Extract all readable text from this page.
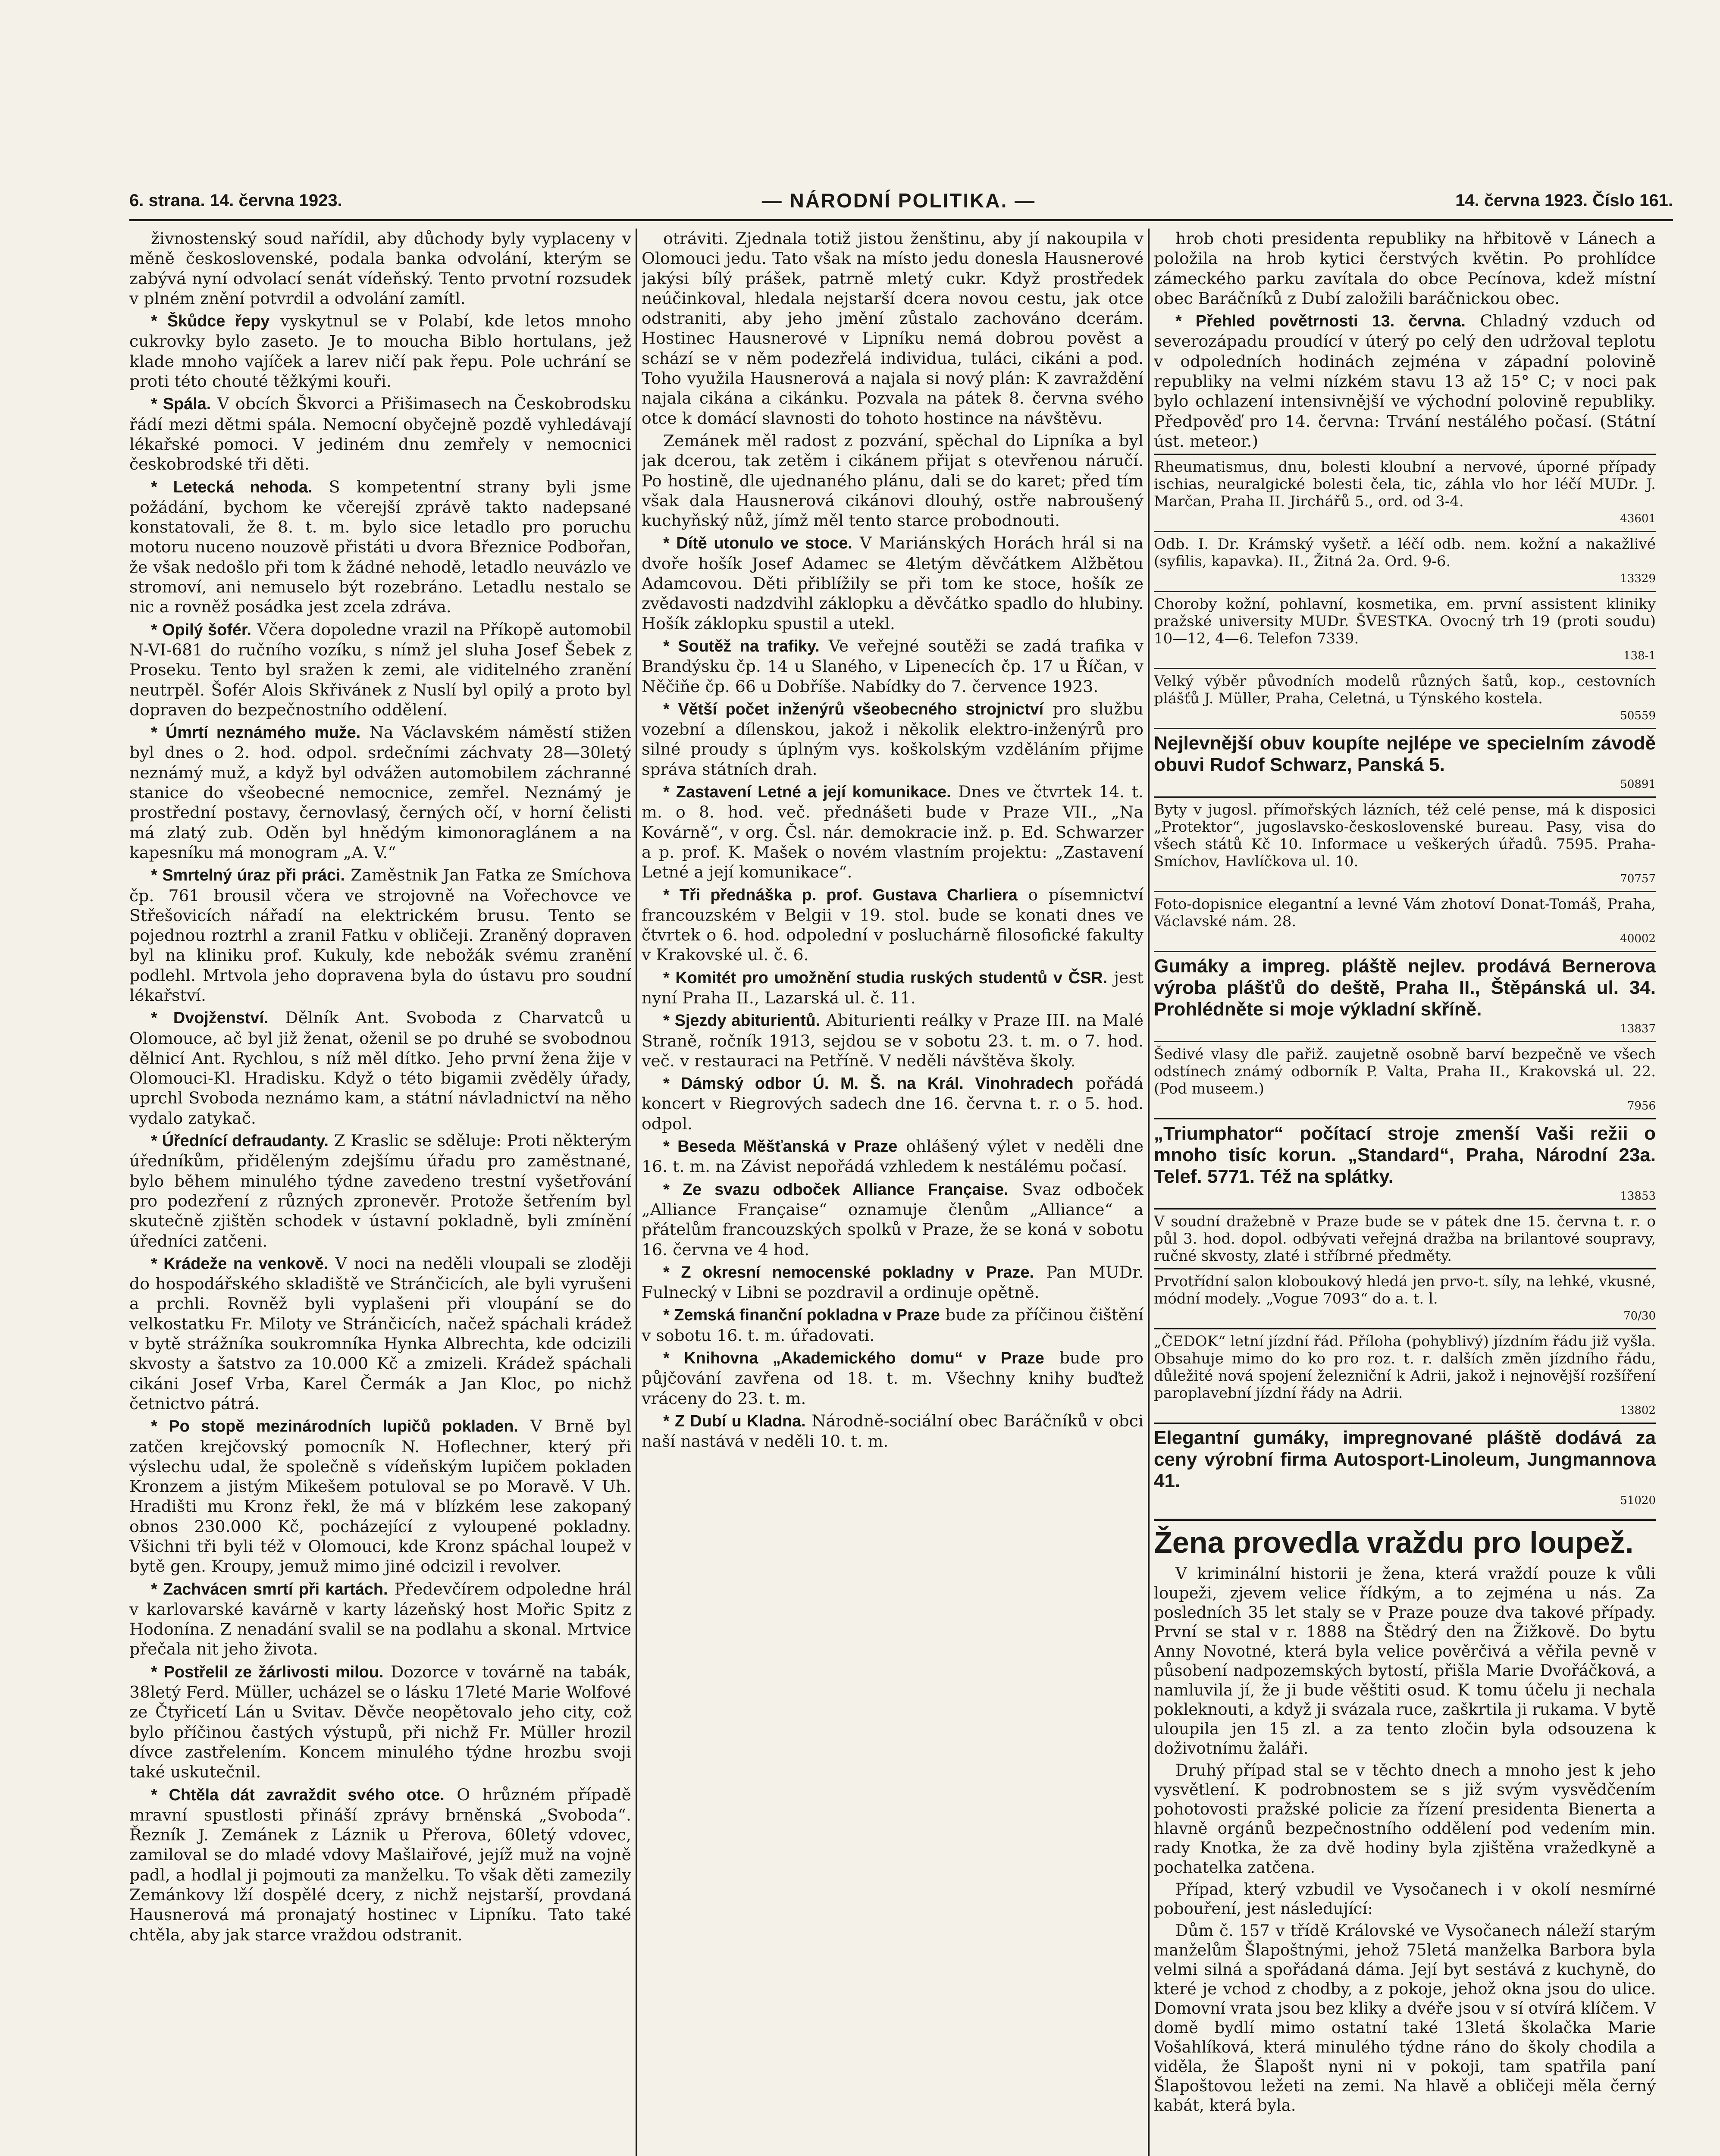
6. strana. 14. června 1923.	— NÁRODNÍ POLITIKA. —	14. června 1923. Číslo 161.

živnostenský soud nařídil, aby důchody byly vyplaceny v měně československé, podala banka odvolání, kterým se zabývá nyní odvolací senát vídeňský. Tento prvotní rozsudek v plném znění potvrdil a odvolání zamítl.

* Škůdce řepy vyskytnul se v Polabí, kde letos mnoho cukrovky bylo zaseto. Je to moucha Biblo hortulans, jež klade mnoho vajíček a larev ničí pak řepu. Pole uchrání se proti této chouté těžkými kouři.

* Spála. V obcích Škvorci a Přišimasech na Českobrodsku řádí mezi dětmi spála. Nemocní obyčejně pozdě vyhledávají lékařské pomoci. V jediném dnu zemřely v nemocnici českobrodské tři děti.

* Letecká nehoda. S kompetentní strany byli jsme požádání, bychom ke včerejší zprávě takto nadepsané konstatovali, že 8. t. m. bylo sice letadlo pro poruchu motoru nuceno nouzově přistáti u dvora Březnice Podbořan, že však nedošlo při tom k žádné nehodě, letadlo neuvázlo ve stromoví, ani nemuselo být rozebráno. Letadlu nestalo se nic a rovněž posádka jest zcela zdráva.

* Opilý šofér. Včera dopoledne vrazil na Příkopě automobil N-VI-681 do ručního vozíku, s nímž jel sluha Josef Šebek z Proseku. Tento byl sražen k zemi, ale viditelného zranění neutrpěl. Šofér Alois Skřivánek z Nuslí byl opilý a proto byl dopraven do bezpečnostního oddělení.

* Úmrtí neznámého muže. Na Václavském náměstí stižen byl dnes o 2. hod. odpol. srdečními záchvaty 28—30letý neznámý muž, a když byl odvážen automobilem záchranné stanice do všeobecné nemocnice, zemřel. Neznámý je prostřední postavy, černovlasý, černých očí, v horní čelisti má zlatý zub. Oděn byl hnědým kimonoraglánem a na kapesníku má monogram „A. V.“

* Smrtelný úraz při práci. Zaměstnik Jan Fatka ze Smíchova čp. 761 brousil včera ve strojovně na Vořechovce ve Střešovicích nářadí na elektrickém brusu. Tento se pojednou roztrhl a zranil Fatku v obličeji. Zraněný dopraven byl na kliniku prof. Kukuly, kde nebožák svému zranění podlehl. Mrtvola jeho dopravena byla do ústavu pro soudní lékařství.

* Dvojženství. Dělník Ant. Svoboda z Charvatců u Olomouce, ač byl již ženat, oženil se po druhé se svobodnou dělnicí Ant. Rychlou, s níž měl dítko. Jeho první žena žije v Olomouci-Kl. Hradisku. Když o této bigamii zvěděly úřady, uprchl Svoboda neznámo kam, a státní návladnictví na něho vydalo zatykač.

* Úřednící defraudanty. Z Kraslic se sděluje: Proti některým úředníkům, přiděleným zdejšímu úřadu pro zaměstnané, bylo během minulého týdne zavedeno trestní vyšetřování pro podezření z různých zpronevěr. Protože šetřením byl skutečně zjištěn schodek v ústavní pokladně, byli zmínění úředníci zatčeni.

* Krádeže na venkově. V noci na neděli vloupali se zloději do hospodářského skladiště ve Stránčicích, ale byli vyrušeni a prchli. Rovněž byli vyplašeni při vloupání se do velkostatku Fr. Miloty ve Stránčicích, načež spáchali krádež v bytě strážníka soukromníka Hynka Albrechta, kde odcizili skvosty a šatstvo za 10.000 Kč a zmizeli. Krádež spáchali cikáni Josef Vrba, Karel Čermák a Jan Kloc, po nichž četnictvo pátrá.

* Po stopě mezinárodních lupičů pokladen. V Brně byl zatčen krejčovský pomocník N. Hoflechner, který při výslechu udal, že společně s vídeňským lupičem pokladen Kronzem a jistým Mikešem potuloval se po Moravě. V Uh. Hradišti mu Kronz řekl, že má v blízkém lese zakopaný obnos 230.000 Kč, pocházející z vyloupené pokladny. Všichni tři byli též v Olomouci, kde Kronz spáchal loupež v bytě gen. Kroupy, jemuž mimo jiné odcizil i revolver.

* Zachvácen smrtí při kartách. Předevčírem odpoledne hrál v karlovarské kavárně v karty lázeňský host Mořic Spitz z Hodonína. Z nenadání svalil se na podlahu a skonal. Mrtvice přečala nit jeho života.

* Postřelil ze žárlivosti milou. Dozorce v továrně na tabák, 38letý Ferd. Müller, ucházel se o lásku 17leté Marie Wolfové ze Čtyřicetí Lán u Svitav. Děvče neopětovalo jeho city, což bylo příčinou častých výstupů, při nichž Fr. Müller hrozil dívce zastřelením. Koncem minulého týdne hrozbu svoji také uskutečnil.

* Chtěla dát zavraždit svého otce. O hrůzném případě mravní spustlosti přináší zprávy brněnská „Svoboda“. Řezník J. Zemánek z Láznik u Přerova, 60letý vdovec, zamiloval se do mladé vdovy Mašlaiřové, jejíž muž na vojně padl, a hodlal ji pojmouti za manželku. To však děti zamezily Zemánkovy lží dospělé dcery, z nichž nejstarší, provdaná Hausnerová má pronajatý hostinec v Lipníku. Tato také chtěla, aby jak starce vraždou odstranit.

otráviti. Zjednala totiž jistou ženštinu, aby jí nakoupila v Olomouci jedu. Tato však na místo jedu donesla Hausnerové jakýsi bílý prášek, patrně mletý cukr. Když prostředek neúčinkoval, hledala nejstarší dcera novou cestu, jak otce odstraniti, aby jeho jmění zůstalo zachováno dcerám. Hostinec Hausnerové v Lipníku nemá dobrou pověst a schází se v něm podezřelá individua, tuláci, cikáni a pod. Toho využila Hausnerová a najala si nový plán: K zavraždění najala cikána a cikánku. Pozvala na pátek 8. června svého otce k domácí slavnosti do tohoto hostince na návštěvu.

Zemánek měl radost z pozvání, spěchal do Lipníka a byl jak dcerou, tak zetěm i cikánem přijat s otevřenou náručí. Po hostině, dle ujednaného plánu, dali se do karet; před tím však dala Hausnerová cikánovi dlouhý, ostře nabroušený kuchyňský nůž, jímž měl tento starce probodnouti.

* Dítě utonulo ve stoce. V Mariánských Horách hrál si na dvoře hošík Josef Adamec se 4letým děvčátkem Alžbětou Adamcovou. Děti přiblížily se při tom ke stoce, hošík ze zvědavosti nadzdvihl záklopku a děvčátko spadlo do hlubiny. Hošík záklopku spustil a utekl.

* Soutěž na trafiky. Ve veřejné soutěži se zadá trafika v Brandýsku čp. 14 u Slaného, v Lipenecích čp. 17 u Říčan, v Něčiňe čp. 66 u Dobříše. Nabídky do 7. července 1923.

* Větší počet inženýrů všeobecného strojnictví pro službu vozební a dílenskou, jakož i několik elektro-inženýrů pro silné proudy s úplným vys. koškolským vzděláním přijme správa státních drah.

* Zastavení Letné a její komunikace. Dnes ve čtvrtek 14. t. m. o 8. hod. več. přednášeti bude v Praze VII., „Na Kovárně“, v org. Čsl. nár. demokracie inž. p. Ed. Schwarzer a p. prof. K. Mašek o novém vlastním projektu: „Zastavení Letné a její komunikace“.

* Tři přednáška p. prof. Gustava Charliera o písemnictví francouzském v Belgii v 19. stol. bude se konati dnes ve čtvrtek o 6. hod. odpolední v posluchárně filosofické fakulty v Krakovské ul. č. 6.

* Komitét pro umožnění studia ruských studentů v ČSR. jest nyní Praha II., Lazarská ul. č. 11.

* Sjezdy abiturientů. Abiturienti reálky v Praze III. na Malé Straně, ročník 1913, sejdou se v sobotu 23. t. m. o 7. hod. več. v restauraci na Petříně. V neděli návštěva školy.

* Dámský odbor Ú. M. Š. na Král. Vinohradech pořádá koncert v Riegrových sadech dne 16. června t. r. o 5. hod. odpol.

* Besedа Měšťanská v Praze ohlášený výlet v neděli dne 16. t. m. na Závist nepořádá vzhledem k nestálému počasí.

* Ze svazu odboček Alliance Française. Svaz odboček „Alliance Française“ oznamuje členům „Alliance“ a přátelům francouzských spolků v Praze, že se koná v sobotu 16. června ve 4 hod.

* Z okresní nemocenské pokladny v Praze. Pan MUDr. Fulnecký v Libni se pozdravil a ordinuje opětně.

* Zemská finanční pokladna v Praze bude za příčinou čištění v sobotu 16. t. m. úřadovati.

* Knihovna „Akademického domu“ v Praze bude pro půjčování zavřena od 18. t. m. Všechny knihy buďtež vráceny do 23. t. m.

* Z Dubí u Kladna. Národně-sociální obec Baráčníků v obci naší nastává v neděli 10. t. m.

hrob choti presidenta republiky na hřbitově v Lánech a položila na hrob kytici čerstvých květin. Po prohlídce zámeckého parku zavítala do obce Pecínova, kdež místní obec Baráčníků z Dubí založili baráčnickou obec.

* Přehled povětrnosti 13. června. Chladný vzduch od severozápadu proudící v úterý po celý den udržoval teplotu v odpoledních hodinách zejména v západní polovině republiky na velmi nízkém stavu 13 až 15° C; v noci pak bylo ochlazení intensivnější ve východní polovině republiky. Předpověď pro 14. června: Trvání nestálého počasí. (Státní úst. meteor.)

Rheumatismus, dnu, bolesti kloubní a nervové, úporné případy ischias, neuralgické bolesti čela, tic, záhla vlo hor léčí MUDr. J. Marčan, Praha II. Jirchářů 5., ord. od 3-4.
43601
Odb. I. Dr. Krámský vyšetř. a léčí odb. nem. kožní a nakažlivé (syfilis, kapavka). II., Žitná 2a. Ord. 9-6.
13329
Choroby kožní, pohlavní, kosmetika, em. první assistent kliniky pražské university MUDr. ŠVESTKA. Ovocný trh 19 (proti soudu) 10—12, 4—6. Telefon 7339.
138-1
Velký výběr původních modelů různých šatů, kop., cestovních plášťů J. Müller, Praha, Celetná, u Týnského kostela.
50559
Nejlevnější obuv koupíte nejlépe ve specielním závodě obuvi Rudof Schwarz, Panská 5.
50891
Byty v jugosl. přímořských lázních, též celé pense, má k disposici „Protektor“, jugoslavsko-československé bureau. Pasy, visa do všech států Kč 10. Informace u veškerých úřadů. 7595. Praha-Smíchov, Havlíčkova ul. 10.
70757
Foto-dopisnice elegantní a levné Vám zhotoví Donat-Tomáš, Praha, Václavské nám. 28.
40002
Gumáky a impreg. pláště nejlev. prodává Bernerova výroba plášťů do deště, Praha II., Štěpánská ul. 34. Prohlédněte si moje výkladní skříně.
13837
Šedivé vlasy dle pařiž. zaujetně osobně barví bezpečně ve všech odstínech známý odborník P. Valta, Praha II., Krakovská ul. 22. (Pod museem.)
7956
„Triumphator“ počítací stroje zmenší Vaši režii o mnoho tisíc korun. „Standard“, Praha, Národní 23a. Telef. 5771. Též na splátky.
13853
V soudní dražebně v Praze bude se v pátek dne 15. června t. r. o půl 3. hod. dopol. odbývati veřejná dražba na brilantové soupravy, ručné skvosty, zlaté i stříbrné předměty.
Prvotřídní salon kloboukový hledá jen prvo-t. síly, na lehké, vkusné, módní modely. „Vogue 7093“ do a. t. l.
70/30
„ČEDOK“ letní jízdní řád. Příloha (pohyblivý) jízdním řádu již vyšla. Obsahuje mimo do ko pro roz. t. r. dalších změn jízdního řádu, důležité nová spojení železniční k Adrii, jakož i nejnovější rozšíření paroplavební jízdní řády na Adrii.
13802
Elegantní gumáky, impregnované pláště dodává za ceny výrobní firma Autosport-Linoleum, Jungmannova 41.
51020
Žena provedla vraždu pro loupež.

V kriminální historii je žena, která vraždí pouze k vůli loupeži, zjevem velice řídkým, a to zejména u nás. Za posledních 35 let staly se v Praze pouze dva takové případy. První se stal v r. 1888 na Štědrý den na Žižkově. Do bytu Anny Novotné, která byla velice pověrčivá a věřila pevně v působení nadpozemských bytostí, přišla Marie Dvořáčková, a namluvila jí, že ji bude věštiti osud. K tomu účelu ji nechala pokleknouti, a když ji svázala ruce, zaškrtila ji rukama. V bytě uloupila jen 15 zl. a za tento zločin byla odsouzena k doživotnímu žaláři.

Druhý případ stal se v těchto dnech a mnoho jest k jeho vysvětlení. K podrobnostem se s již svým vysvědčením pohotovosti pražské policie za řízení presidenta Bienerta a hlavně orgánů bezpečnostního oddělení pod vedením min. rady Knotka, že za dvě hodiny byla zjištěna vražedkyně a pochatelka zatčena.

Případ, který vzbudil ve Vysočanech i v okolí nesmírné pobouření, jest následující:

Dům č. 157 v třídě Královské ve Vysočanech náleží starým manželům Šlapoštnými, jehož 75letá manželka Barbora byla velmi silná a spořádaná dáma. Její byt sestává z kuchyně, do které je vchod z chodby, a z pokoje, jehož okna jsou do ulice. Domovní vrata jsou bez kliky a dvéře jsou v sí otvírá klíčem. V domě bydlí mimo ostatní také 13letá školačka Marie Vošahlíková, která minulého týdne ráno do školy chodila a viděla, že Šlapošt nyni ni v pokoji, tam spatřila paní Šlapoštovou ležeti na zemi. Na hlavě a obličeji měla černý kabát, která byla.
